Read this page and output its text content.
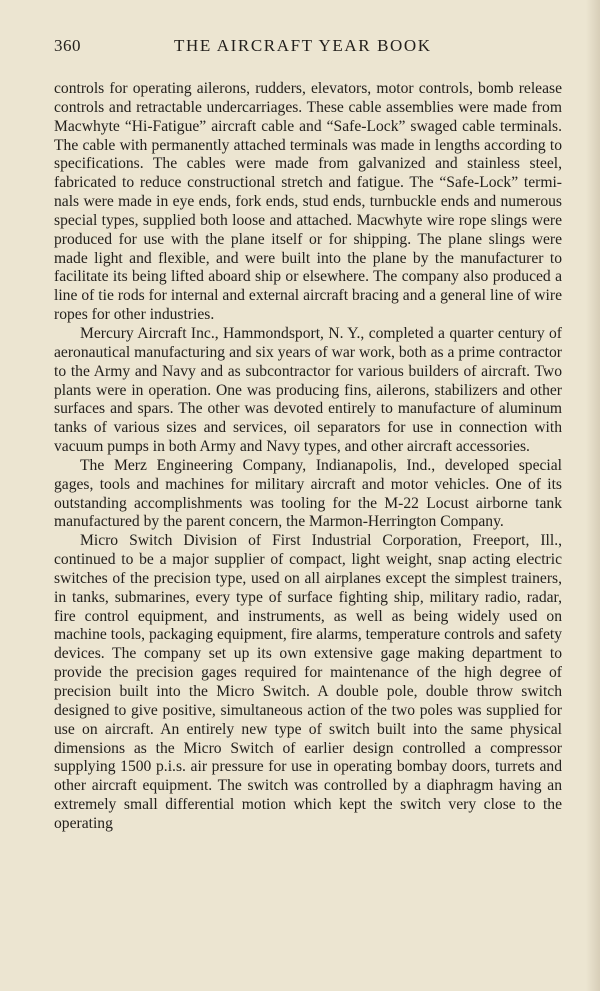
360	THE AIRCRAFT YEAR BOOK

controls for operating ailerons, rudders, elevators, motor controls, bomb release controls and retractable undercarriages. These cable assemblies were made from Macwhyte “Hi-Fatigue” aircraft cable and “Safe-Lock” swaged cable terminals. The cable with permanently attached terminals was made in lengths according to specifications. The cables were made from galvanized and stainless steel, fabricated to reduce constructional stretch and fatigue. The “Safe-Lock” terminals were made in eye ends, fork ends, stud ends, turnbuckle ends and numerous special types, supplied both loose and attached. Macwhyte wire rope slings were produced for use with the plane itself or for shipping. The plane slings were made light and flexible, and were built into the plane by the manufacturer to facilitate its being lifted aboard ship or elsewhere. The company also produced a line of tie rods for internal and external aircraft bracing and a general line of wire ropes for other industries.

Mercury Aircraft Inc., Hammondsport, N. Y., completed a quarter century of aeronautical manufacturing and six years of war work, both as a prime contractor to the Army and Navy and as subcontractor for various builders of aircraft. Two plants were in operation. One was producing fins, ailerons, stabilizers and other surfaces and spars. The other was devoted entirely to manufacture of aluminum tanks of various sizes and services, oil separators for use in connection with vacuum pumps in both Army and Navy types, and other aircraft accessories.

The Merz Engineering Company, Indianapolis, Ind., developed special gages, tools and machines for military aircraft and motor vehicles. One of its outstanding accomplishments was tooling for the M-22 Locust airborne tank manufactured by the parent concern, the Marmon-Herrington Company.

Micro Switch Division of First Industrial Corporation, Freeport, Ill., continued to be a major supplier of compact, light weight, snap acting electric switches of the precision type, used on all airplanes except the simplest trainers, in tanks, submarines, every type of surface fighting ship, military radio, radar, fire control equipment, and instruments, as well as being widely used on machine tools, packaging equipment, fire alarms, temperature controls and safety devices. The company set up its own extensive gage making department to provide the precision gages required for maintenance of the high degree of precision built into the Micro Switch. A double pole, double throw switch designed to give positive, simultaneous action of the two poles was supplied for use on aircraft. An entirely new type of switch built into the same physical dimensions as the Micro Switch of earlier design controlled a compressor supplying 1500 p.i.s. air pressure for use in operating bombay doors, turrets and other aircraft equipment. The switch was controlled by a diaphragm having an extremely small differential motion which kept the switch very close to the operating
